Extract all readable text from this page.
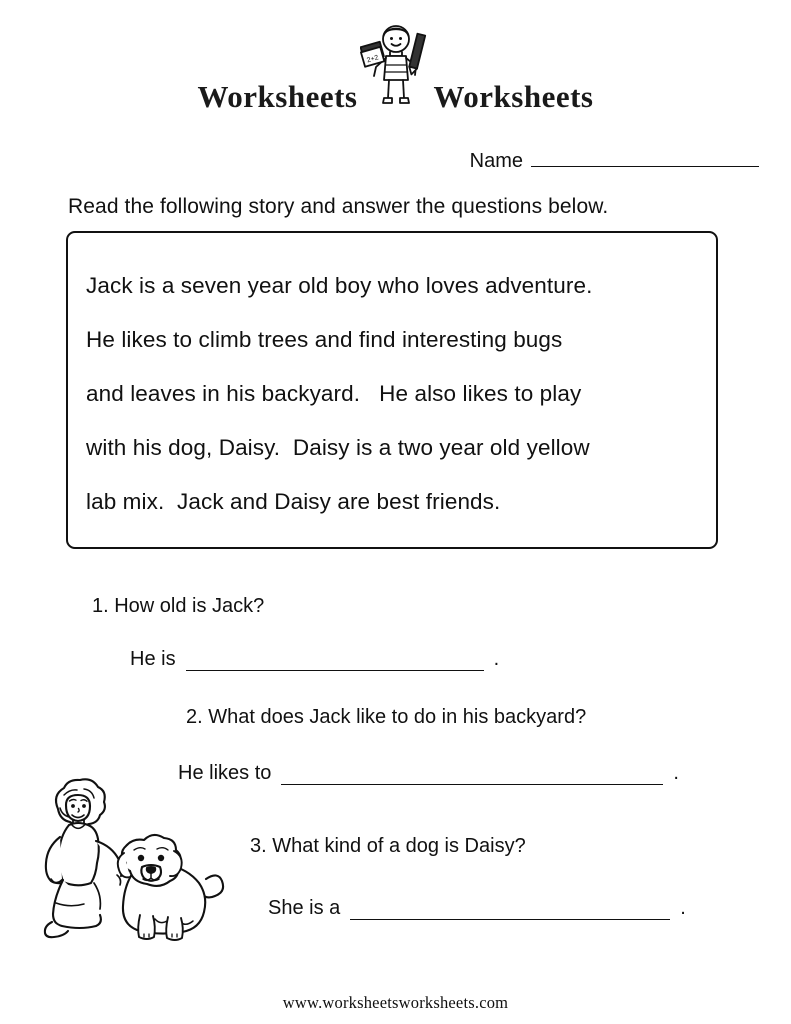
Worksheets
2+2
Worksheets
Name
Read the following story and answer the questions below.
Jack is a seven year old boy who loves adventure.
He likes to climb trees and find interesting bugs
and leaves in his backyard.   He also likes to play
with his dog, Daisy.  Daisy is a two year old yellow
lab mix.  Jack and Daisy are best friends.
1. How old is Jack?
He is	.
2. What does Jack like to do in his backyard?
He likes to	.
3. What kind of a dog is Daisy?
She is a	.
www.worksheetsworksheets.com
